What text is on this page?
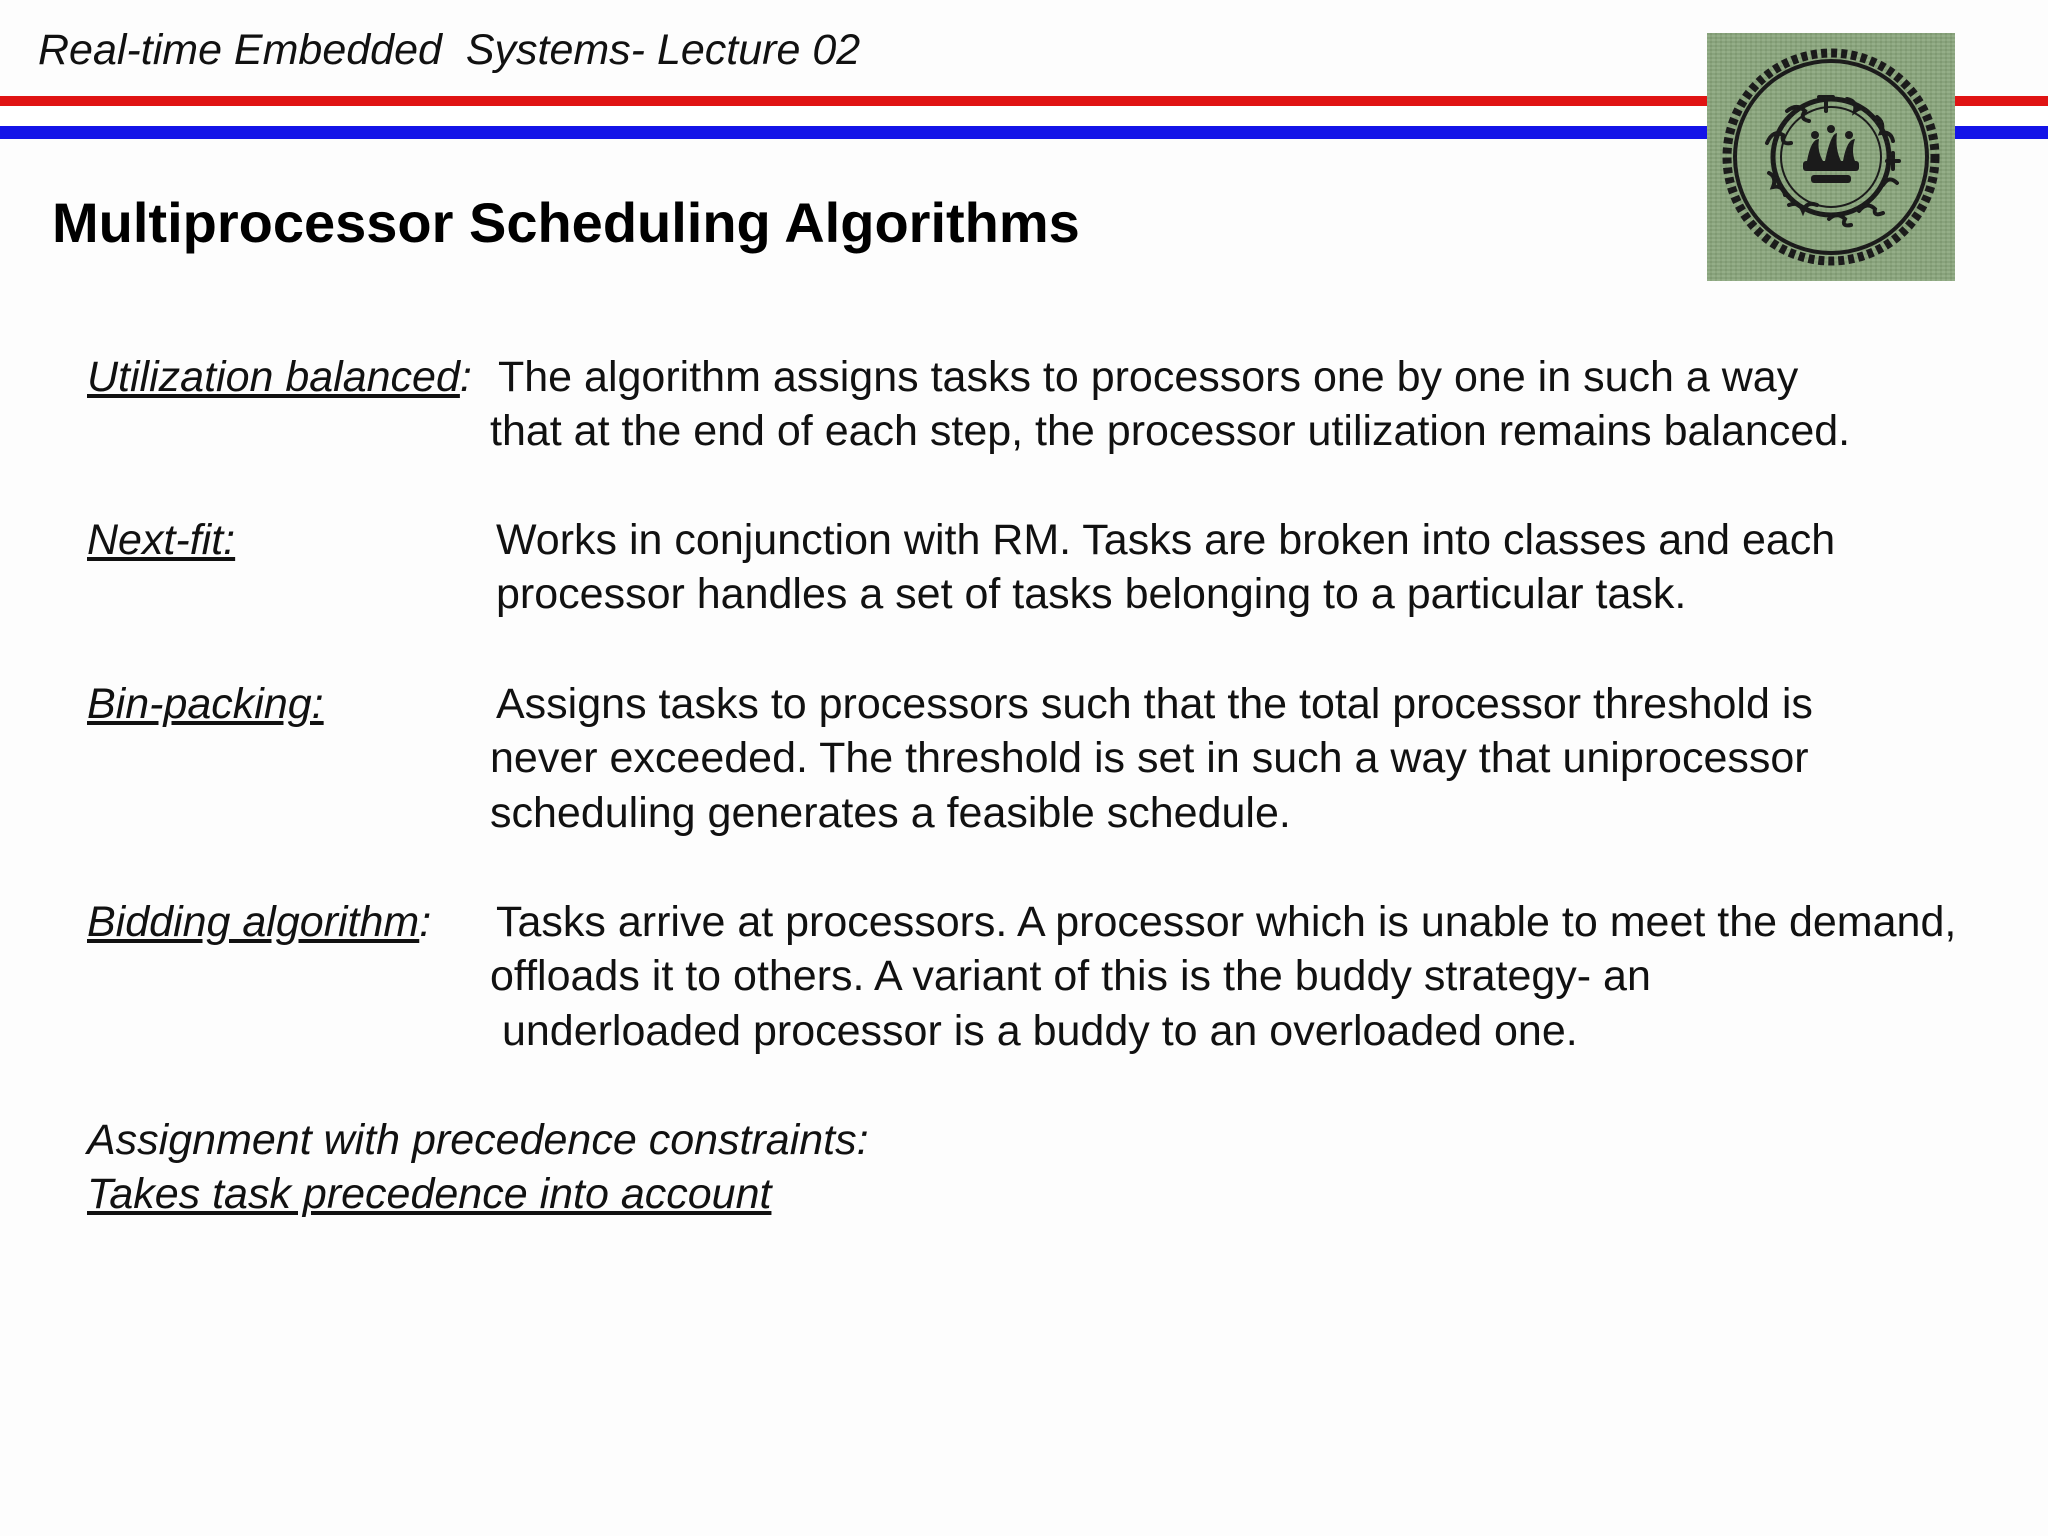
Real-time Embedded  Systems- Lecture 02
Multiprocessor Scheduling Algorithms
Utilization balanced: The algorithm assigns tasks to processors one by one in such a way
that at the end of each step, the processor utilization remains balanced.
Next-fit:	Works in conjunction with RM. Tasks are broken into classes and each
processor handles a set of tasks belonging to a particular task.
Bin-packing:	Assigns tasks to processors such that the total processor threshold is
never exceeded. The threshold is set in such a way that uniprocessor
scheduling generates a feasible schedule.
Bidding algorithm: Tasks arrive at processors. A processor which is unable to meet the demand,
offloads it to others. A variant of this is the buddy strategy- an
underloaded processor is a buddy to an overloaded one.
Assignment with precedence constraints:
Takes task precedence into account
